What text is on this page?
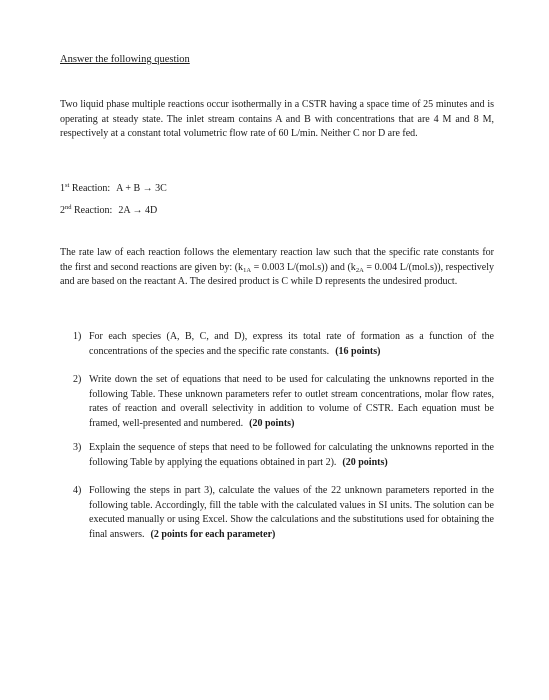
Answer the following question
Two liquid phase multiple reactions occur isothermally in a CSTR having a space time of 25 minutes and is operating at steady state. The inlet stream contains A and B with concentrations that are 4 M and 8 M, respectively at a constant total volumetric flow rate of 60 L/min. Neither C nor D are fed.
1st Reaction: A + B → 3C
2nd Reaction: 2A → 4D
The rate law of each reaction follows the elementary reaction law such that the specific rate constants for the first and second reactions are given by: ($k_{1A} = 0.003$ L/(mol.s)) and ($k_{2A} = 0.004$ L/(mol.s)), respectively and are based on the reactant A. The desired product is C while D represents the undesired product.
1) For each species (A, B, C, and D), express its total rate of formation as a function of the concentrations of the species and the specific rate constants. (16 points)
2) Write down the set of equations that need to be used for calculating the unknowns reported in the following Table. These unknown parameters refer to outlet stream concentrations, molar flow rates, rates of reaction and overall selectivity in addition to volume of CSTR. Each equation must be framed, well-presented and numbered. (20 points)
3) Explain the sequence of steps that need to be followed for calculating the unknowns reported in the following Table by applying the equations obtained in part 2). (20 points)
4) Following the steps in part 3), calculate the values of the 22 unknown parameters reported in the following table. Accordingly, fill the table with the calculated values in SI units. The solution can be executed manually or using Excel. Show the calculations and the substitutions used for obtaining the final answers. (2 points for each parameter)
